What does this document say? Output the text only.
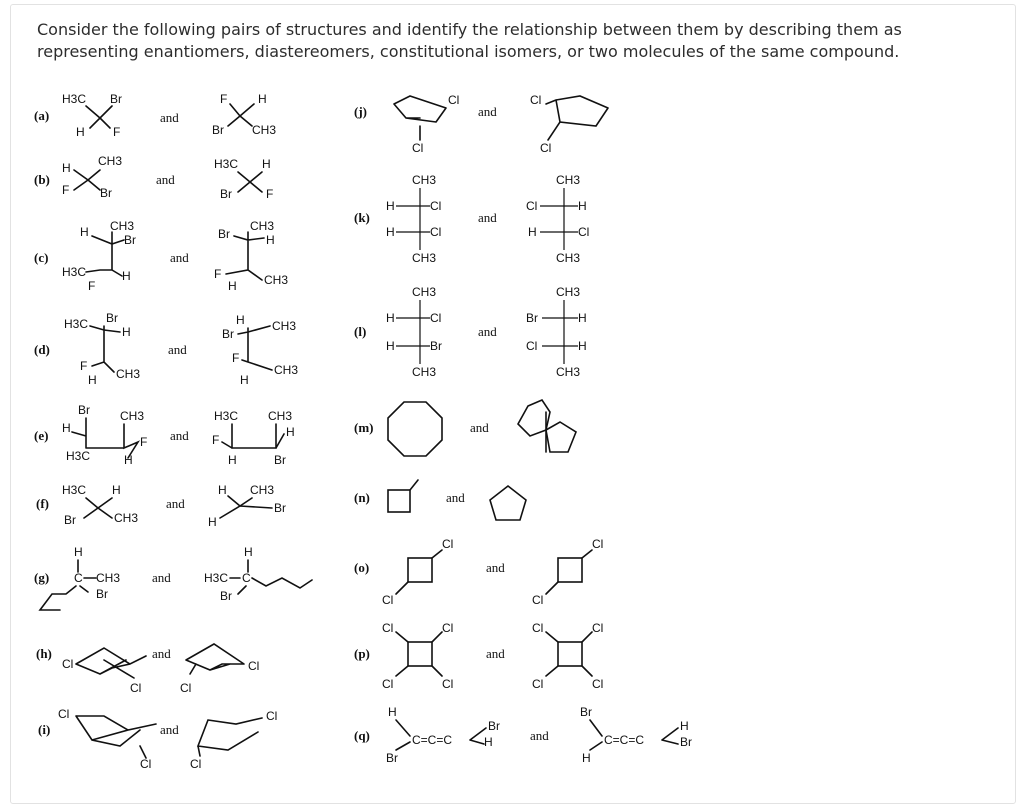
Consider the following pairs of structures and identify the relationship between them by describing them as representing enantiomers, diastereomers, constitutional isomers, or two molecules of the same compound.

(a)
H3C Br
H F
and
F	H
Br CH3
(b)
H CH3
F	Br
and
H3C H
Br	F
(c)
H CH3
Br
H3C	H
F
and
Br
CH3
H
F
H CH3
(d)
H3C Br
H
F
H CH3
and
H
Br
CH3
F
H
CH3
(e)
Br
H
H3C
CH3
F
H
and
H3C CH3
H
F
H	Br
(f)
H3C H
Br	CH3
and
H CH3
Br
H
(g)
H
C CH3
Br
and
H
H3C C
Br
(h)
Cl
Cl
and
Cl
Cl
(i)
Cl
Cl
and
Cl
Cl
(j)
Cl
Cl
and
Cl
Cl
(k)
CH3
H	Cl
H	Cl
CH3
and
CH3
Cl	H
H	Cl
CH3
(l)
CH3
H	Cl
H	Br
CH3
and
CH3
Br	H
Cl	H
CH3
(m)	and
(n)	and
(o)
Cl
Cl
and
Cl
Cl
(p)
Cl	Cl
Cl	Cl
and
Cl	Cl
Cl	Cl
(q)
H
Br
C=C=C
Br
H	and
Br
H
C=C=C
H
Br
